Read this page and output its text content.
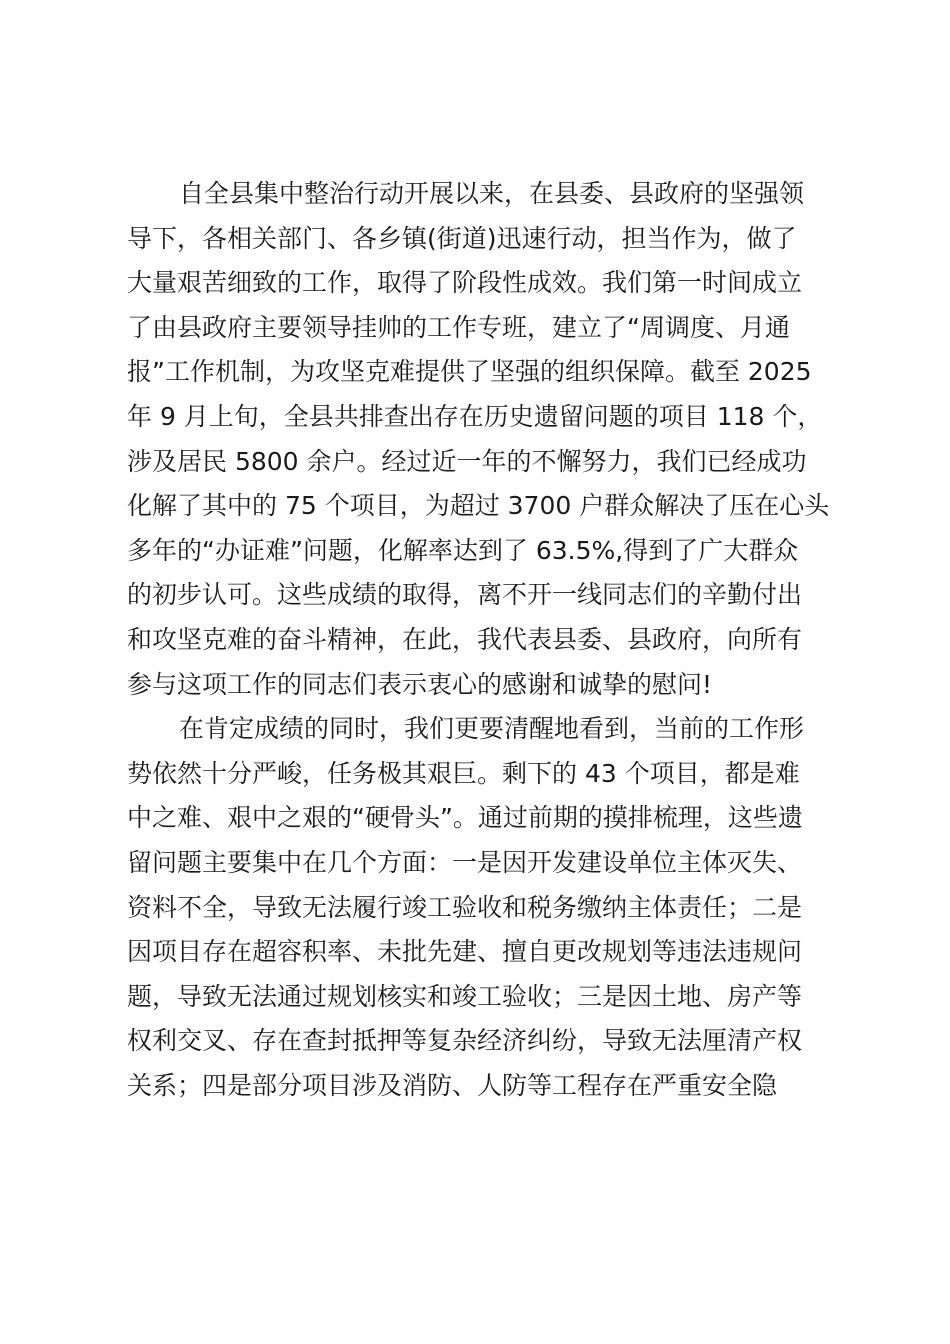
自全县集中整治行动开展以来，在县委、县政府的坚强领
导下，各相关部门、各乡镇(街道)迅速行动，担当作为，做了
大量艰苦细致的工作，取得了阶段性成效。我们第一时间成立
了由县政府主要领导挂帅的工作专班，建立了“周调度、月通
报”工作机制，为攻坚克难提供了坚强的组织保障。截至 2025
年 9 月上旬，全县共排查出存在历史遗留问题的项目 118 个，
涉及居民 5800 余户。经过近一年的不懈努力，我们已经成功
化解了其中的 75 个项目，为超过 3700 户群众解决了压在心头
多年的“办证难”问题，化解率达到了 63.5%,得到了广大群众
的初步认可。这些成绩的取得，离不开一线同志们的辛勤付出
和攻坚克难的奋斗精神，在此，我代表县委、县政府，向所有
参与这项工作的同志们表示衷心的感谢和诚挚的慰问!
在肯定成绩的同时，我们更要清醒地看到，当前的工作形
势依然十分严峻，任务极其艰巨。剩下的 43 个项目，都是难
中之难、艰中之艰的“硬骨头”。通过前期的摸排梳理，这些遗
留问题主要集中在几个方面：一是因开发建设单位主体灭失、
资料不全，导致无法履行竣工验收和税务缴纳主体责任；二是
因项目存在超容积率、未批先建、擅自更改规划等违法违规问
题，导致无法通过规划核实和竣工验收；三是因土地、房产等
权利交叉、存在查封抵押等复杂经济纠纷，导致无法厘清产权
关系；四是部分项目涉及消防、人防等工程存在严重安全隐
